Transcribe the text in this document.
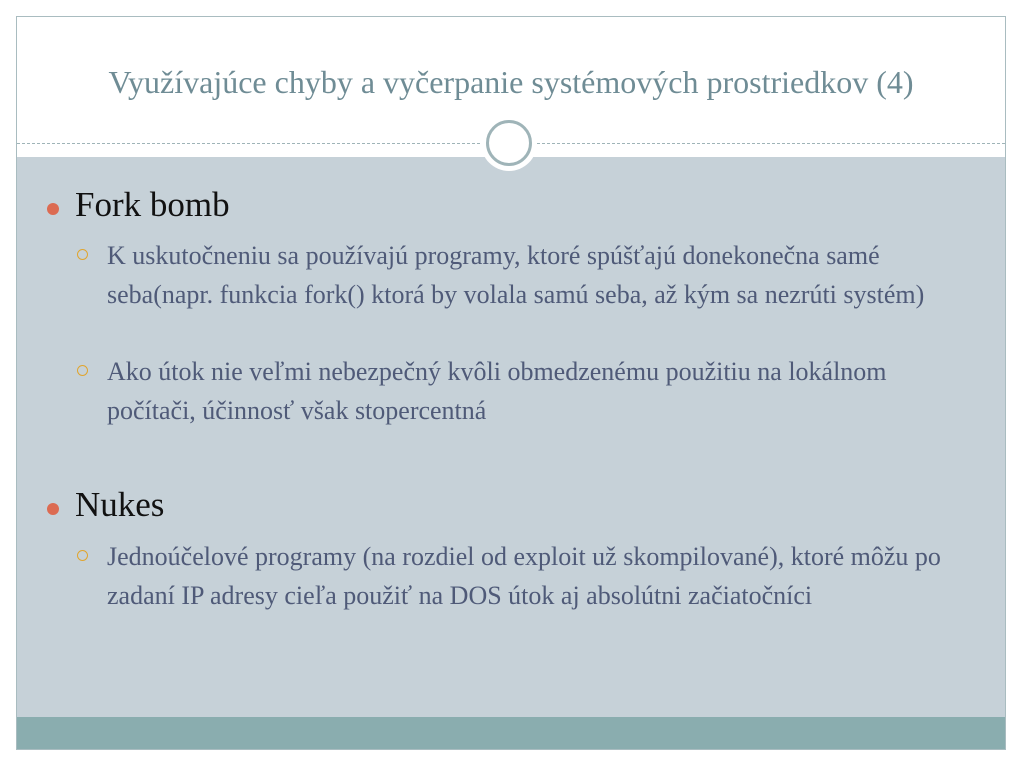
Využívajúce chyby a vyčerpanie systémových prostriedkov (4)
Fork bomb
K uskutočneniu sa používajú programy, ktoré spúšťajú donekonečna samé seba(napr. funkcia fork() ktorá by volala samú seba, až kým sa nezrúti systém)
Ako útok nie veľmi nebezpečný kvôli obmedzenému použitiu na lokálnom počítači, účinnosť však stopercentná
Nukes
Jednoúčelové programy (na rozdiel od exploit už skompilované), ktoré môžu po zadaní IP adresy cieľa použiť na DOS útok aj absolútni začiatočníci
